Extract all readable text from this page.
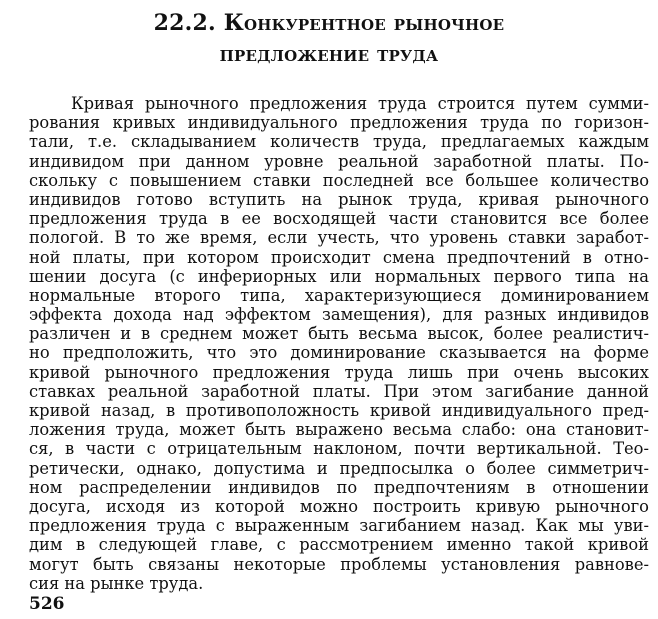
22.2. Конкурентное рыночное
предложение труда
Кривая рыночного предложения труда строится путем сумми-
рования кривых индивидуального предложения труда по горизон-
тали, т.е. складыванием количеств труда, предлагаемых каждым
индивидом при данном уровне реальной заработной платы. По-
скольку с повышением ставки последней все большее количество
индивидов готово вступить на рынок труда, кривая рыночного
предложения труда в ее восходящей части становится все более
пологой. В то же время, если учесть, что уровень ставки заработ-
ной платы, при котором происходит смена предпочтений в отно-
шении досуга (с инфериорных или нормальных первого типа на
нормальные второго типа, характеризующиеся доминированием
эффекта дохода над эффектом замещения), для разных индивидов
различен и в среднем может быть весьма высок, более реалистич-
но предположить, что это доминирование сказывается на форме
кривой рыночного предложения труда лишь при очень высоких
ставках реальной заработной платы. При этом загибание данной
кривой назад, в противоположность кривой индивидуального пред-
ложения труда, может быть выражено весьма слабо: она становит-
ся, в части с отрицательным наклоном, почти вертикальной. Тео-
ретически, однако, допустима и предпосылка о более симметрич-
ном распределении индивидов по предпочтениям в отношении
досуга, исходя из которой можно построить кривую рыночного
предложения труда с выраженным загибанием назад. Как мы уви-
дим в следующей главе, с рассмотрением именно такой кривой
могут быть связаны некоторые проблемы установления равнове-
сия на рынке труда.
526
